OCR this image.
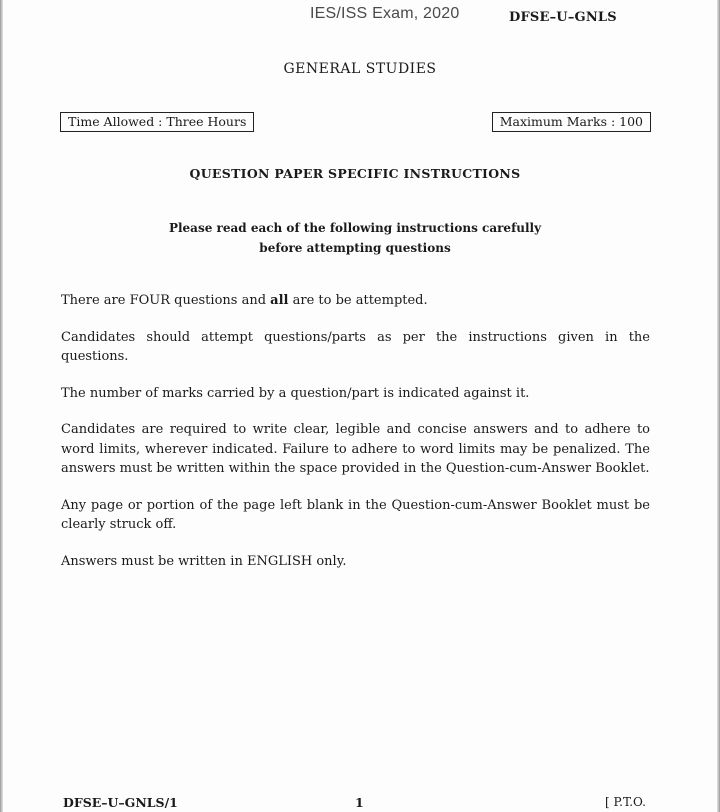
IES/ISS Exam, 2020	DFSE–U–GNLS
GENERAL STUDIES
Time Allowed : Three Hours	Maximum Marks : 100
QUESTION PAPER SPECIFIC INSTRUCTIONS
Please read each of the following instructions carefully
before attempting questions

There are FOUR questions and all are to be attempted.

Candidates should attempt questions/parts as per the instructions given in the questions.

The number of marks carried by a question/part is indicated against it.

Candidates are required to write clear, legible and concise answers and to adhere to word limits, wherever indicated. Failure to adhere to word limits may be penalized. The answers must be written within the space provided in the Question-cum-Answer Booklet.

Any page or portion of the page left blank in the Question-cum-Answer Booklet must be clearly struck off.

Answers must be written in ENGLISH only.

DFSE–U–GNLS/1	1	[ P.T.O.
